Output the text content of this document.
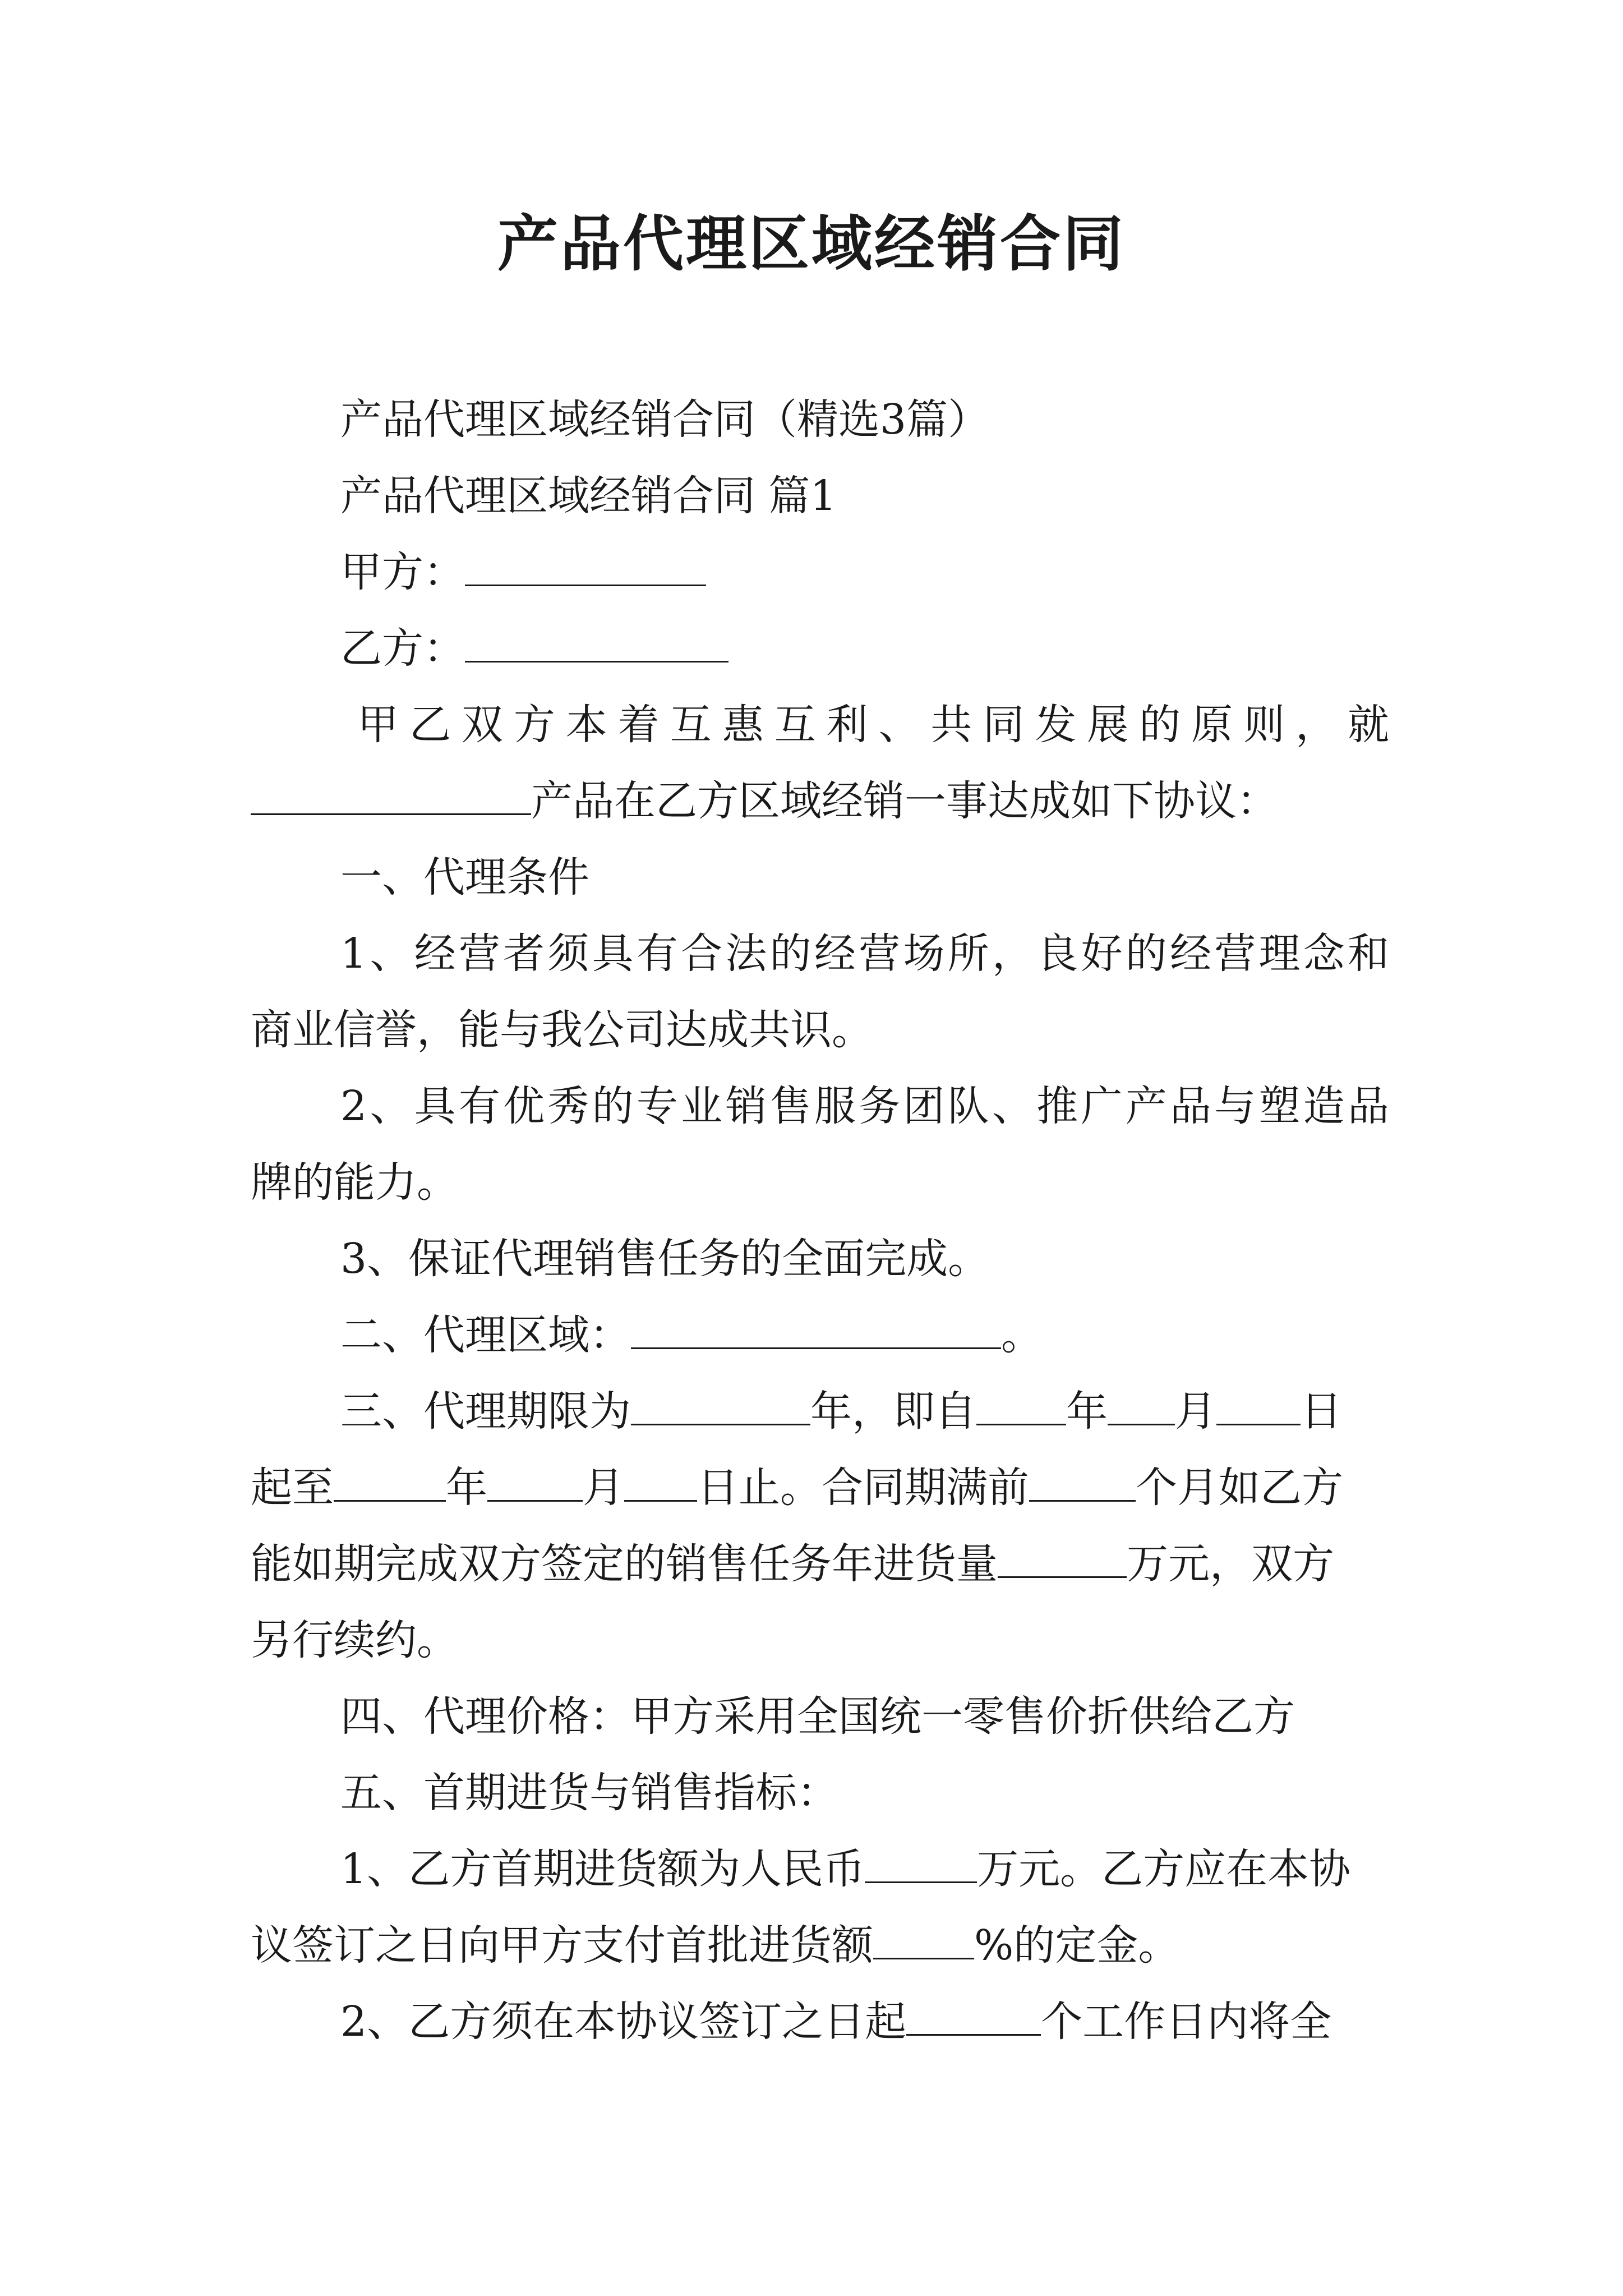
产品代理区域经销合同
产品代理区域经销合同（精选3篇）
产品代理区域经销合同 篇1
甲方：
乙方：
甲乙双方本着互惠互利、共同发展的原则，就
产品在乙方区域经销一事达成如下协议：
一、代理条件
1、经营者须具有合法的经营场所，良好的经营理念和
商业信誉，能与我公司达成共识。
2、具有优秀的专业销售服务团队、推广产品与塑造品
牌的能力。
3、保证代理销售任务的全面完成。
二、代理区域：	。
三、代理期限为	年，即自 年 月 日
起至	年 月 日止。合同期满前	个月如乙方
能如期完成双方签定的销售任务年进货量	万元，双方
另行续约。
四、代理价格：甲方采用全国统一零售价折供给乙方
五、首期进货与销售指标：
1、乙方首期进货额为人民币	万元。乙方应在本协
议签订之日向甲方支付首批进货额 %的定金。
2、乙方须在本协议签订之日起	个工作日内将全
